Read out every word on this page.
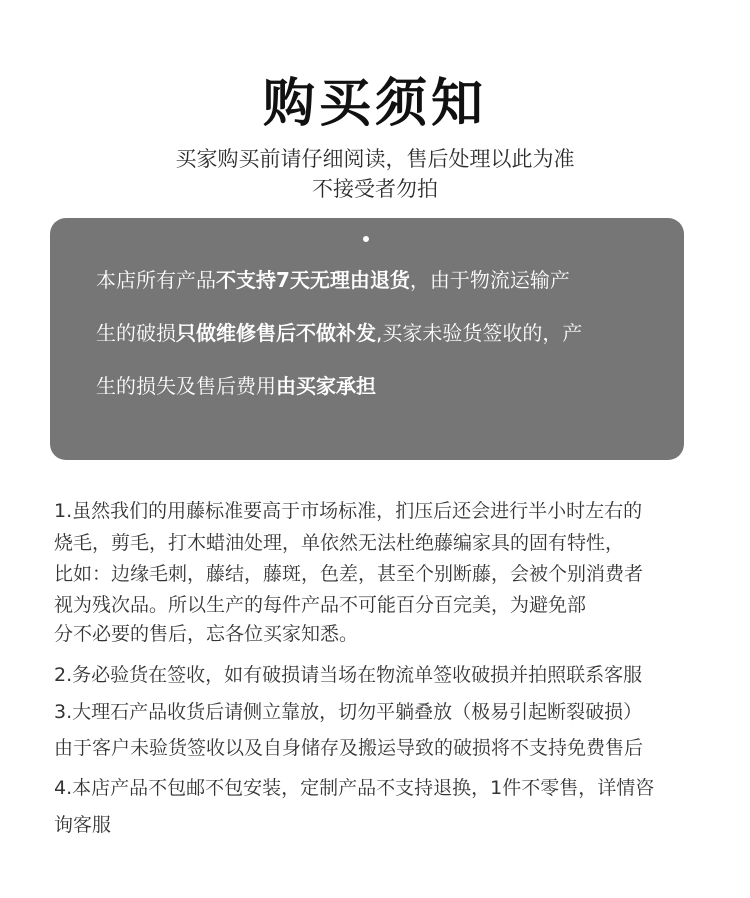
购买须知
买家购买前请仔细阅读，售后处理以此为准
不接受者勿拍
本店所有产品不支持7天无理由退货，由于物流运输产
生的破损只做维修售后不做补发,买家未验货签收的，产
生的损失及售后费用由买家承担
1.虽然我们的用藤标准要高于市场标准，扪压后还会进行半小时左右的
烧毛，剪毛，打木蜡油处理，单依然无法杜绝藤编家具的固有特性，
比如：边缘毛刺，藤结，藤斑，色差，甚至个别断藤，会被个别消费者
视为残次品。所以生产的每件产品不可能百分百完美，为避免部
分不必要的售后，忘各位买家知悉。
2.务必验货在签收，如有破损请当场在物流单签收破损并拍照联系客服
3.大理石产品收货后请侧立靠放，切勿平躺叠放（极易引起断裂破损）
由于客户未验货签收以及自身储存及搬运导致的破损将不支持免费售后
4.本店产品不包邮不包安装，定制产品不支持退换，1件不零售，详情咨
询客服
